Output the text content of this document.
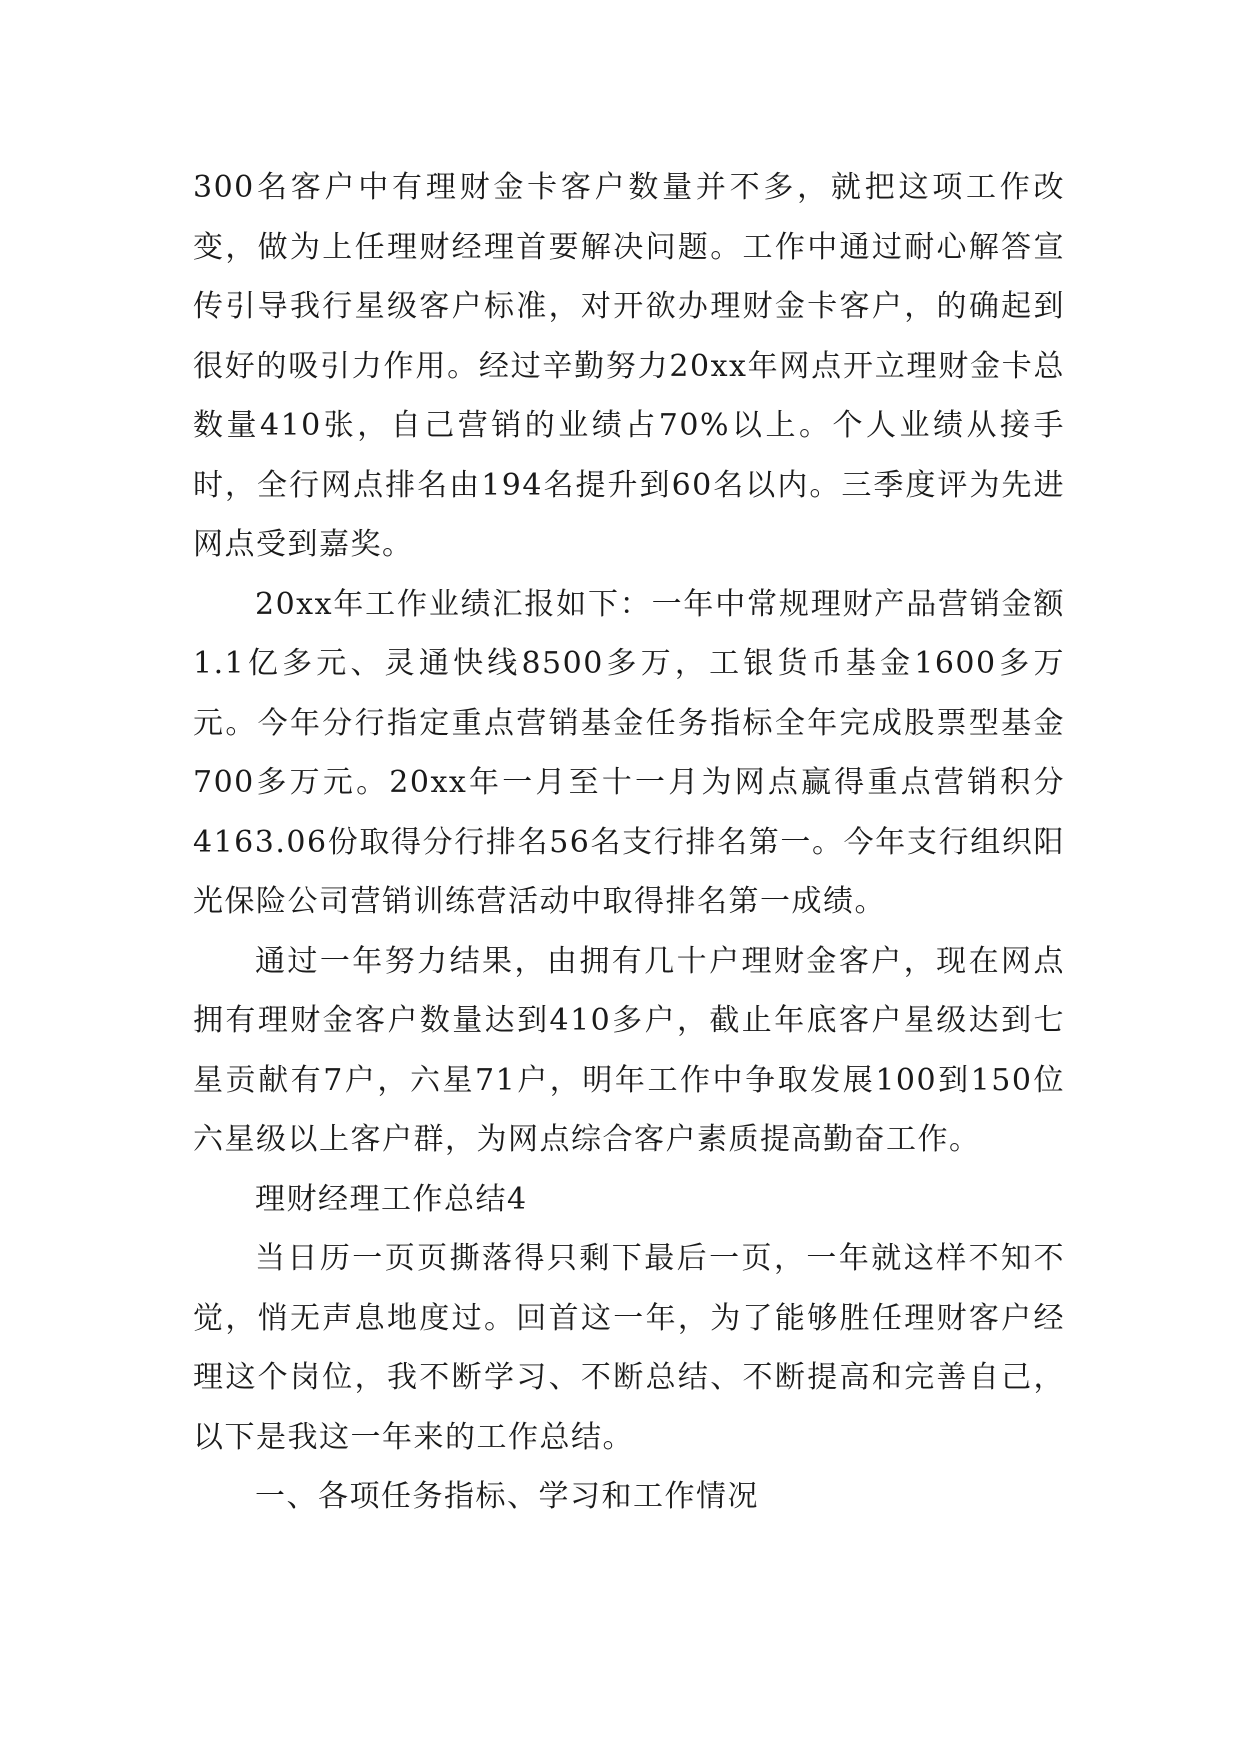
300名客户中有理财金卡客户数量并不多，就把这项工作改变，做为上任理财经理首要解决问题。工作中通过耐心解答宣传引导我行星级客户标准，对开欲办理财金卡客户，的确起到很好的吸引力作用。经过辛勤努力20xx年网点开立理财金卡总数量410张，自己营销的业绩占70%以上。个人业绩从接手时，全行网点排名由194名提升到60名以内。三季度评为先进网点受到嘉奖。

20xx年工作业绩汇报如下：一年中常规理财产品营销金额1.1亿多元、灵通快线8500多万，工银货币基金1600多万元。今年分行指定重点营销基金任务指标全年完成股票型基金700多万元。20xx年一月至十一月为网点赢得重点营销积分4163.06份取得分行排名56名支行排名第一。今年支行组织阳光保险公司营销训练营活动中取得排名第一成绩。

通过一年努力结果，由拥有几十户理财金客户，现在网点拥有理财金客户数量达到410多户，截止年底客户星级达到七星贡献有7户，六星71户，明年工作中争取发展100到150位六星级以上客户群，为网点综合客户素质提高勤奋工作。

理财经理工作总结4

当日历一页页撕落得只剩下最后一页，一年就这样不知不觉，悄无声息地度过。回首这一年，为了能够胜任理财客户经理这个岗位，我不断学习、不断总结、不断提高和完善自己，以下是我这一年来的工作总结。

一、各项任务指标、学习和工作情况
